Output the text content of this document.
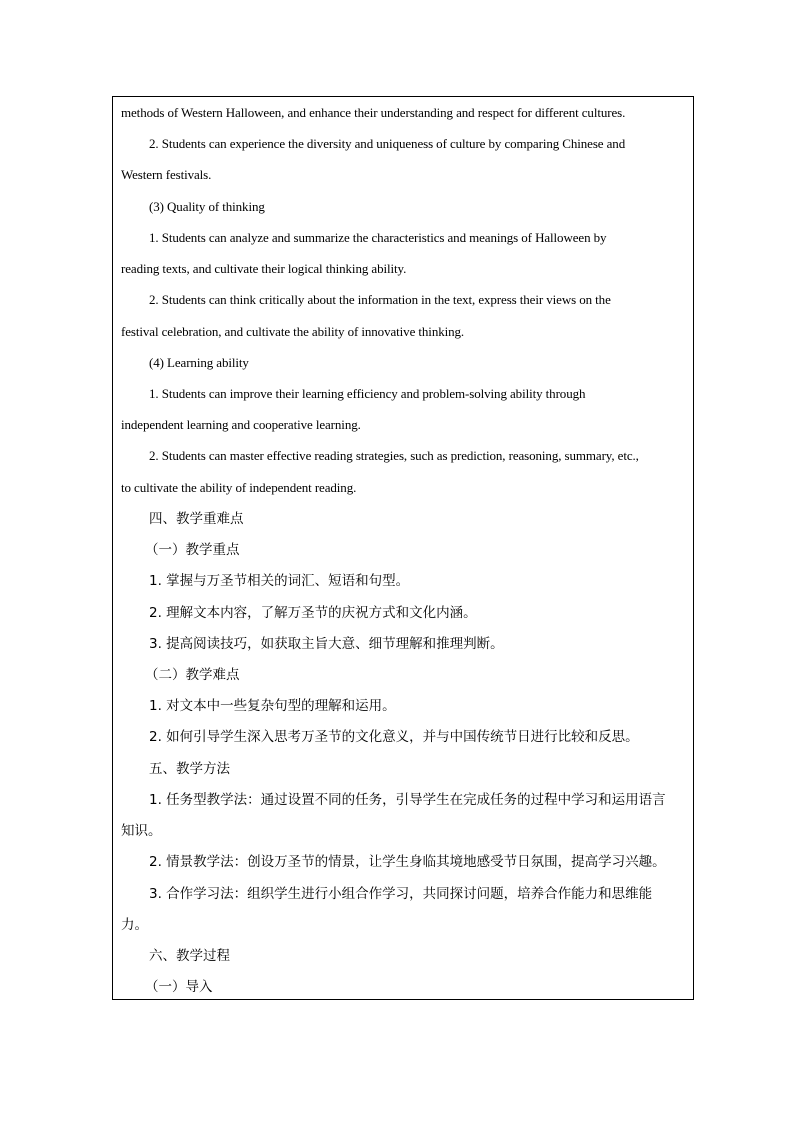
methods of Western Halloween, and enhance their understanding and respect for different cultures.
2. Students can experience the diversity and uniqueness of culture by comparing Chinese and
Western festivals.
(3) Quality of thinking
1. Students can analyze and summarize the characteristics and meanings of Halloween by
reading texts, and cultivate their logical thinking ability.
2. Students can think critically about the information in the text, express their views on the
festival celebration, and cultivate the ability of innovative thinking.
(4) Learning ability
1. Students can improve their learning efficiency and problem-solving ability through
independent learning and cooperative learning.
2. Students can master effective reading strategies, such as prediction, reasoning, summary, etc.,
to cultivate the ability of independent reading.
四、教学重难点
（一）教学重点
1. 掌握与万圣节相关的词汇、短语和句型。
2. 理解文本内容，了解万圣节的庆祝方式和文化内涵。
3. 提高阅读技巧，如获取主旨大意、细节理解和推理判断。
（二）教学难点
1. 对文本中一些复杂句型的理解和运用。
2. 如何引导学生深入思考万圣节的文化意义，并与中国传统节日进行比较和反思。
五、教学方法
1. 任务型教学法：通过设置不同的任务，引导学生在完成任务的过程中学习和运用语言
知识。
2. 情景教学法：创设万圣节的情景，让学生身临其境地感受节日氛围，提高学习兴趣。
3. 合作学习法：组织学生进行小组合作学习，共同探讨问题，培养合作能力和思维能
力。
六、教学过程
（一）导入
